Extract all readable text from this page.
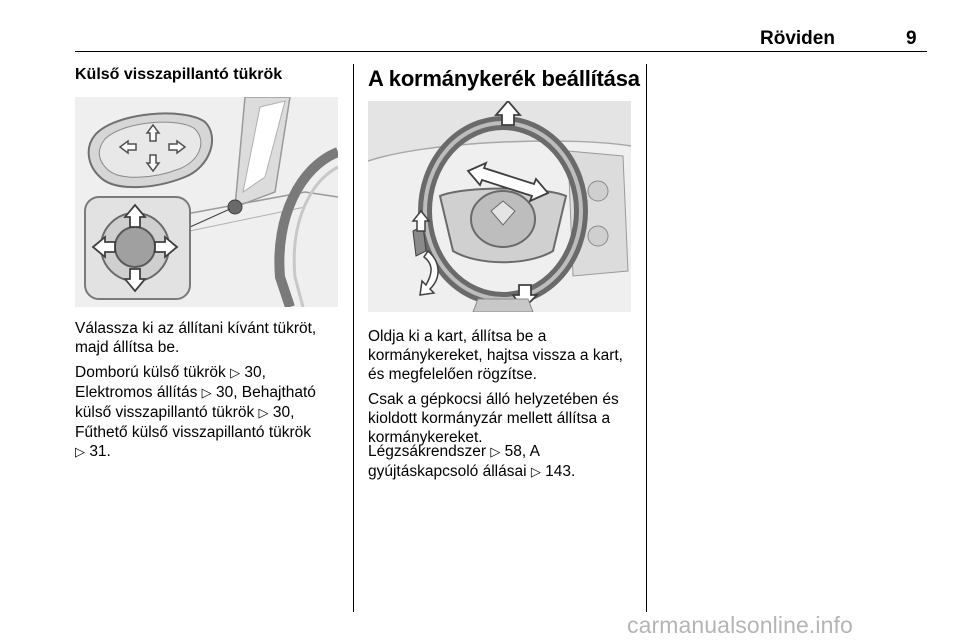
Röviden	9
Külső visszapillantó tükrök

Válassza ki az állítani kívánt tükröt,
majd állítsa be.

Domború külső tükrök ▷ 30,
Elektromos állítás ▷ 30, Behajtható
külső visszapillantó tükrök ▷ 30,
Fűthető külső visszapillantó tükrök
▷ 31.

A kormánykerék beállítása

Oldja ki a kart, állítsa be a
kormánykereket, hajtsa vissza a kart,
és megfelelően rögzítse.

Csak a gépkocsi álló helyzetében és
kioldott kormányzár mellett állítsa a
kormánykereket.

Légzsákrendszer ▷ 58, A
gyújtáskapcsoló állásai ▷ 143.

carmanualsonline.info
